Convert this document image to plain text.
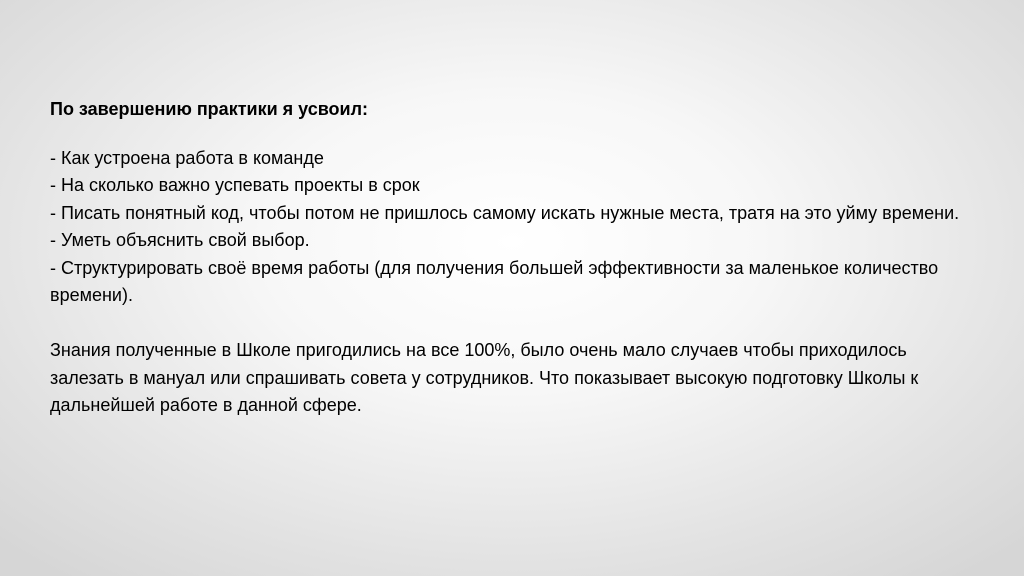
По завершению практики я усвоил:

- Как устроена работа в команде

- На сколько важно успевать проекты в срок

- Писать понятный код, чтобы потом не пришлось самому искать нужные места, тратя на это уйму времени.

- Уметь объяснить свой выбор.

- Структурировать своё время работы (для получения большей эффективности за маленькое количество времени).

Знания полученные в Школе пригодились на все 100%, было очень мало случаев чтобы приходилось залезать в мануал или спрашивать совета у сотрудников. Что показывает высокую подготовку Школы к дальнейшей работе в данной сфере.
